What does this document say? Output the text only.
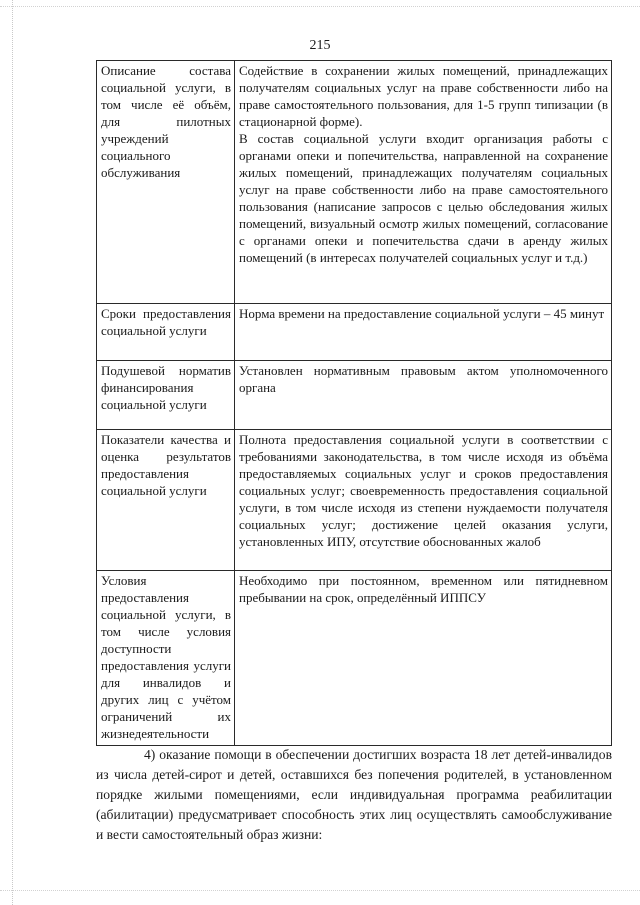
215
Описание состава социальной услуги, в том числе её объём, для пилотных учреждений социального обслуживания	Содействие в сохранении жилых помещений, принадлежащих получателям социальных услуг на праве собственности либо на праве самостоятельного пользования, для 1-5 групп типизации (в стационарной форме).

В состав социальной услуги входит организация работы с органами опеки и попечительства, направленной на сохранение жилых помещений, принадлежащих получателям социальных услуг на праве собственности либо на праве самостоятельного пользования (написание запросов с целью обследования жилых помещений, визуальный осмотр жилых помещений, согласование с органами опеки и попечительства сдачи в аренду жилых помещений (в интересах получателей социальных услуг и т.д.)

Сроки предоставления социальной услуги	Норма времени на предоставление социальной услуги – 45 минут

Подушевой норматив финансирования социальной услуги	Установлен нормативным правовым актом уполномоченного органа

Показатели качества и оценка результатов предоставления социальной услуги	Полнота предоставления социальной услуги в соответствии с требованиями законодательства, в том числе исходя из объёма предоставляемых социальных услуг и сроков предоставления социальных услуг; своевременность предоставления социальной услуги, в том числе исходя из степени нуждаемости получателя социальных услуг; достижение целей оказания услуги, установленных ИПУ, отсутствие обоснованных жалоб

Условия предоставления социальной услуги, в том числе условия доступности предоставления услуги для инвалидов и других лиц с учётом ограничений их жизнедеятельности	Необходимо при постоянном, временном или пятидневном пребывании на срок, определённый ИППСУ

4) оказание помощи в обеспечении достигших возраста 18 лет детей-инвалидов из числа детей-сирот и детей, оставшихся без попечения родителей, в установленном порядке жилыми помещениями, если индивидуальная программа реабилитации (абилитации) предусматривает способность этих лиц осуществлять самообслуживание и вести самостоятельный образ жизни:
